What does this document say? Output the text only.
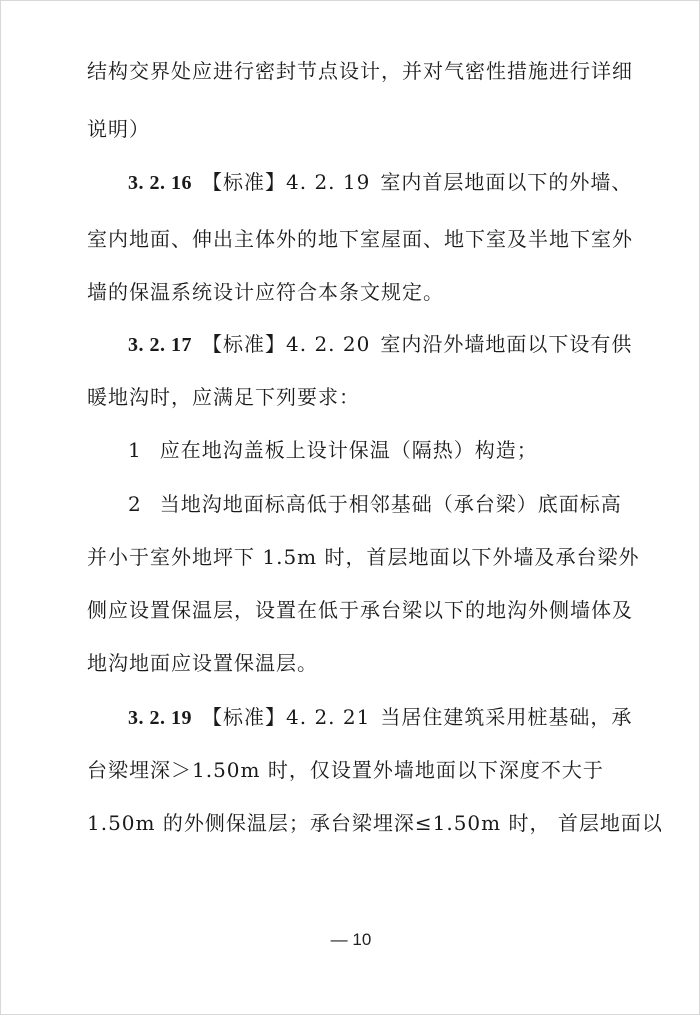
结构交界处应进行密封节点设计，并对气密性措施进行详细
说明）
3. 2. 16 【标准】4. 2. 19 室内首层地面以下的外墙、
室内地面、伸出主体外的地下室屋面、地下室及半地下室外
墙的保温系统设计应符合本条文规定。
3. 2. 17 【标准】4. 2. 20 室内沿外墙地面以下设有供
暖地沟时，应满足下列要求：
1 应在地沟盖板上设计保温（隔热）构造；
2 当地沟地面标高低于相邻基础（承台梁）底面标高
并小于室外地坪下 1.5m 时，首层地面以下外墙及承台梁外
侧应设置保温层，设置在低于承台梁以下的地沟外侧墙体及
地沟地面应设置保温层。
3. 2. 19 【标准】4. 2. 21 当居住建筑采用桩基础，承
台梁埋深＞1.50m 时，仅设置外墙地面以下深度不大于
1.50m 的外侧保温层；承台梁埋深≤1.50m 时， 首层地面以
— 10
